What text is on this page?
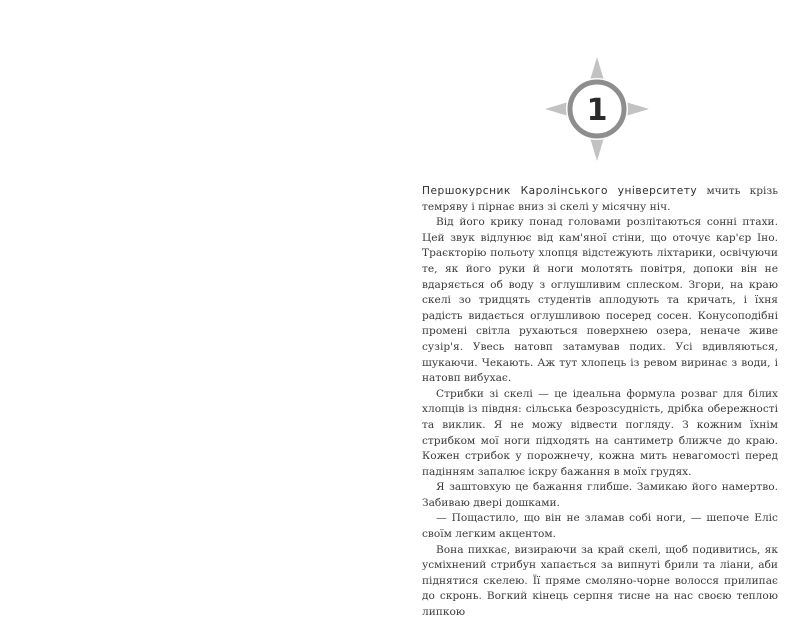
1

Першокурсник Каролінського університету мчить крізь темряву і пірнає вниз зі скелі у місячну ніч.

Від його крику понад головами розлітаються сонні птахи. Цей звук відлунює від кам'яної стіни, що оточує кар'єр Іно. Траєкторію польоту хлопця відстежують ліхтарики, освічуючи те, як його руки й ноги молотять повітря, допоки він не вдаряється об воду з оглушливим сплеском. Згори, на краю скелі зо тридцять студентів аплодують та кричать, і їхня радість видається оглушливою посеред сосен. Конусоподібні промені світла рухаються поверхнею озера, неначе живе сузір'я. Увесь натовп затамував подих. Усі вдивляються, шукаючи. Чекають. Аж тут хлопець із ревом виринає з води, і натовп вибухає.

Стрибки зі скелі — це ідеальна формула розваг для білих хлопців із півдня: сільська безрозсудність, дрібка обережності та виклик. Я не можу відвести погляду. З кожним їхнім стрибком мої ноги підходять на сантиметр ближче до краю. Кожен стрибок у порожнечу, кожна мить невагомості перед падінням запалює іскру бажання в моїх грудях.

Я заштовхую це бажання глибше. Замикаю його намертво. Забиваю двері дошками.

— Пощастило, що він не зламав собі ноги, — шепоче Еліс своїм легким акцентом.

Вона пихкає, визираючи за край скелі, щоб подивитись, як усміхнений стрибун хапається за випнуті брили та ліани, аби піднятися скелею. Її пряме смоляно-чорне волосся прилипає до скронь. Вогкий кінець серпня тисне на нас своєю теплою липкою
